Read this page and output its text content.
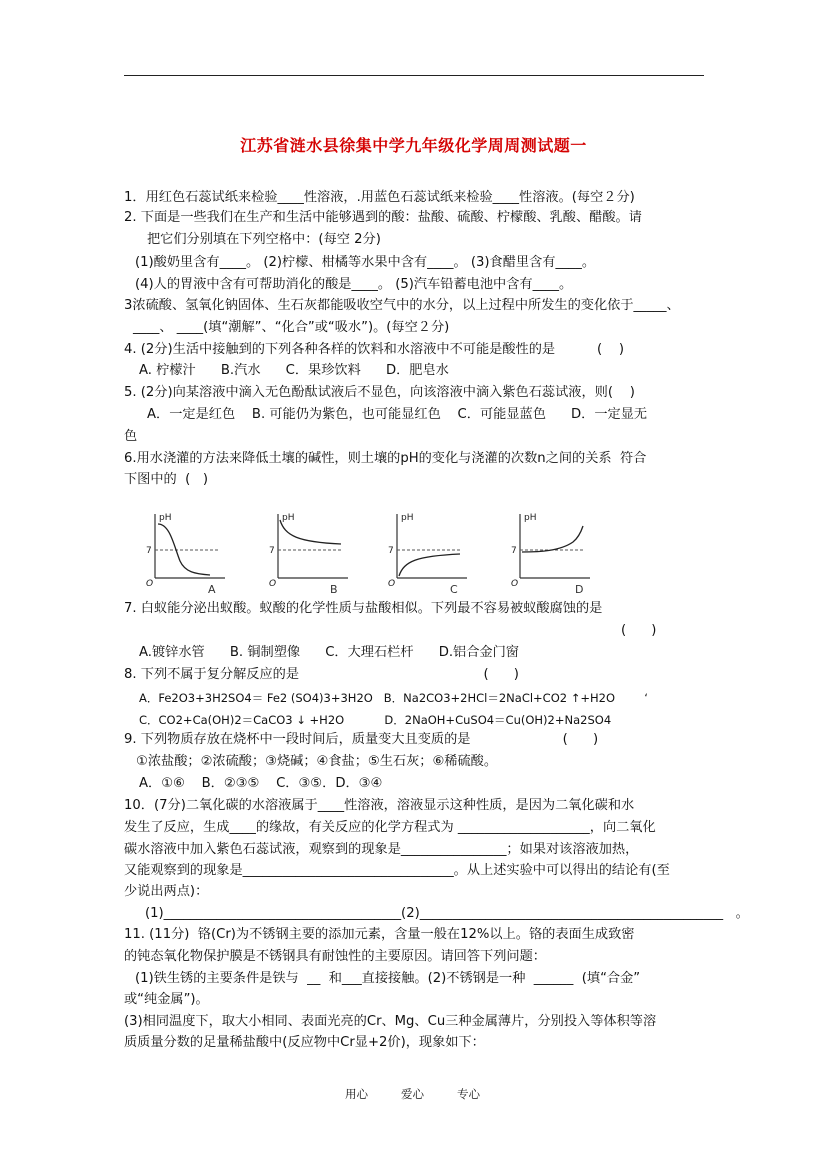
江苏省涟水县徐集中学九年级化学周周测试题一
1．用红色石蕊试纸来检验____性溶液，.用蓝色石蕊试纸来检验____性溶液。(每空２分)
2. 下面是一些我们在生产和生活中能够遇到的酸：盐酸、硫酸、柠檬酸、乳酸、醋酸。请
把它们分别填在下列空格中：(每空 2分)
(1)酸奶里含有____。 (2)柠檬、柑橘等水果中含有____。 (3)食醋里含有____。
(4)人的胃液中含有可帮助消化的酸是____。 (5)汽车铅蓄电池中含有____。
3浓硫酸、氢氧化钠固体、生石灰都能吸收空气中的水分，以上过程中所发生的变化依于_____、
____、 ____(填“潮解”、“化合”或“吸水”)。(每空２分)
4. (2分)生活中接触到的下列各种各样的饮料和水溶液中不可能是酸性的是          (    )
A. 柠檬汁      B.汽水      C．果珍饮料      D．肥皂水
5. (2分)向某溶液中滴入无色酚酞试液后不显色，向该溶液中滴入紫色石蕊试液，则(    )
A．一定是红色    B. 可能仍为紫色，也可能显红色    C．可能显蓝色      D．一定显无
色
6.用水浇灌的方法来降低土壤的碱性，则土壤的pH的变化与浇灌的次数n之间的关系  符合
下图中的  (   )
pH
7
O
pH
7
O
pH
7
O
pH
7
O
A	B	C	D
7. 白蚁能分泌出蚁酸。蚁酸的化学性质与盐酸相似。下列最不容易被蚁酸腐蚀的是
(      )
A.镀锌水管      B. 铜制塑像      C．大理石栏杆      D.铝合金门窗
8. 下列不属于复分解反应的是                                            (      )
A．Fe2O3+3H2SO4＝ Fe2 (SO4)3+3H2O   B．Na2CO3+2HCl＝2NaCl+CO2 ↑+H2O        ‘
C．CO2+Ca(OH)2＝CaCO3 ↓ +H2O           D．2NaOH+CuSO4＝Cu(OH)2+Na2SO4
9. 下列物质存放在烧杯中一段时间后，质量变大且变质的是                      (      )
①浓盐酸；②浓硫酸；③烧碱；④食盐；⑤生石灰；⑥稀硫酸。
A．①⑥    B．②③⑤    C．③⑤．D．③④
10．(7分)二氧化碳的水溶液属于____性溶液，溶液显示这种性质，是因为二氧化碳和水
发生了反应，生成____的缘故，有关反应的化学方程式为 ____________________，向二氧化
碳水溶液中加入紫色石蕊试液，观察到的现象是________________；如果对该溶液加热，
又能观察到的现象是________________________________。从上述实验中可以得出的结论有(至
少说出两点)：
(1)____________________________________(2)______________________________________________   。
11. (11分)  铬(Cr)为不锈钢主要的添加元素，含量一般在12%以上。铬的表面生成致密
的钝态氧化物保护膜是不锈钢具有耐蚀性的主要原因。请回答下列问题：
(1)铁生锈的主要条件是铁与  __  和___直接接触。(2)不锈钢是一种  ______  (填“合金”
或“纯金属”)。
(3)相同温度下，取大小相同、表面光亮的Cr、Mg、Cu三种金属薄片，分别投入等体积等溶
质质量分数的足量稀盐酸中(反应物中Cr显+2价)，现象如下：
用心	爱心	专心
